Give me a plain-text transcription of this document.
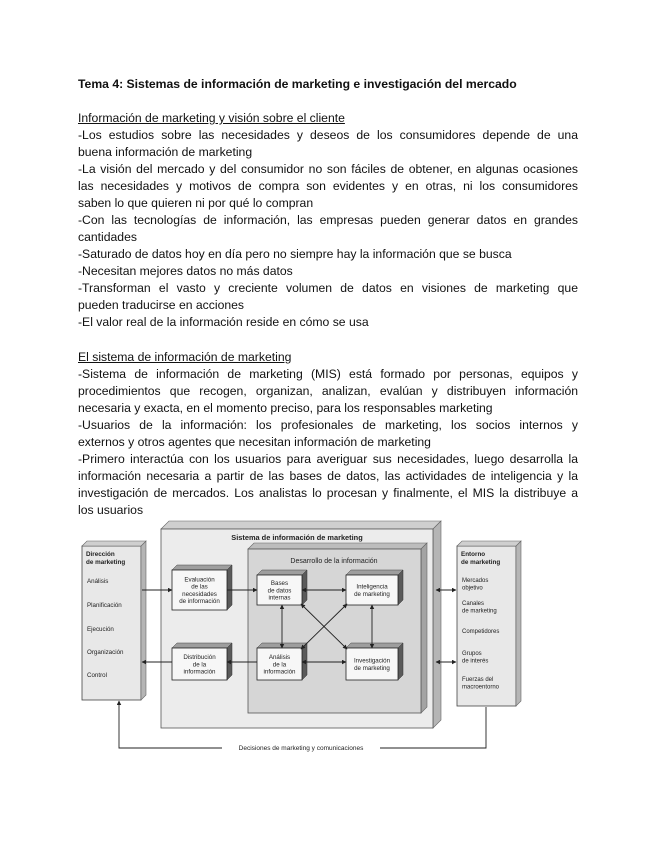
Tema 4: Sistemas de información de marketing e investigación del mercado
Información de marketing y visión sobre el cliente
-Los estudios sobre las necesidades y deseos de los consumidores depende de una
buena información de marketing
-La visión del mercado y del consumidor no son fáciles de obtener, en algunas ocasiones
las necesidades y motivos de compra son evidentes y en otras, ni los consumidores
saben lo que quieren ni por qué lo compran
-Con las tecnologías de información, las empresas pueden generar datos en grandes
cantidades
-Saturado de datos hoy en día pero no siempre hay la información que se busca
-Necesitan mejores datos no más datos
-Transforman el vasto y creciente volumen de datos en visiones de marketing que
pueden traducirse en acciones
-El valor real de la información reside en cómo se usa
El sistema de información de marketing
-Sistema de información de marketing (MIS) está formado por personas, equipos y
procedimientos que recogen, organizan, analizan, evalúan y distribuyen información
necesaria y exacta, en el momento preciso, para los responsables marketing
-Usuarios de la información: los profesionales de marketing, los socios internos y
externos y otros agentes que necesitan información de marketing
-Primero interactúa con los usuarios para averiguar sus necesidades, luego desarrolla la
información necesaria a partir de las bases de datos, las actividades de inteligencia y la
investigación de mercados. Los analistas lo procesan y finalmente, el MIS la distribuye a
los usuarios
Sistema de información de marketing
Desarrollo de la información
Dirección
de marketing
Análisis
Planificación
Ejecución
Organización
Control
Entorno
de marketing
Mercados
objetivo
Canales
de marketing
Competidores
Grupos
de interés
Fuerzas del
macroentorno
Evaluación
de las
necesidades
de información
Distribución
de la
información
Bases
de datos
internas
Inteligencia
de marketing
Análisis
de la
información
Investigación
de marketing
Decisiones de marketing y comunicaciones
